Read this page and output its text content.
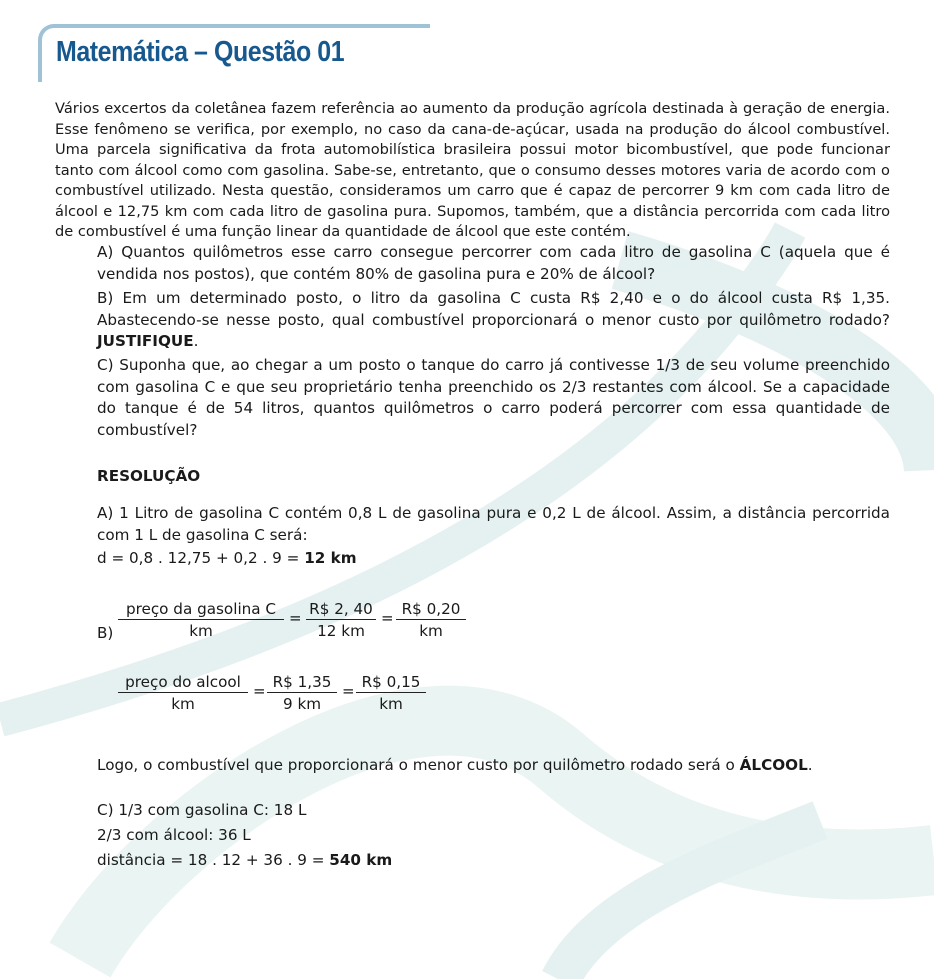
Matemática – Questão 01

Vários excertos da coletânea fazem referência ao aumento da produção agrícola destinada à geração de energia. Esse fenômeno se verifica, por exemplo, no caso da cana-de-açúcar, usada na produção do álcool combustível. Uma parcela significativa da frota automobilística brasileira possui motor bicombustível, que pode funcionar tanto com álcool como com gasolina. Sabe-se, entretanto, que o consumo desses motores varia de acordo com o combustível utilizado. Nesta questão, consideramos um carro que é capaz de percorrer 9 km com cada litro de álcool e 12,75 km com cada litro de gasolina pura. Supomos, também, que a distância percorrida com cada litro de combustível é uma função linear da quantidade de álcool que este contém.

A) Quantos quilômetros esse carro consegue percorrer com cada litro de gasolina C (aquela que é vendida nos postos), que contém 80% de gasolina pura e 20% de álcool?

B) Em um determinado posto, o litro da gasolina C custa R$ 2,40 e o do álcool custa R$ 1,35. Abastecendo-se nesse posto, qual combustível proporcionará o menor custo por quilômetro rodado? JUSTIFIQUE.

C) Suponha que, ao chegar a um posto o tanque do carro já contivesse 1/3 de seu volume preenchido com gasolina C e que seu proprietário tenha preenchido os 2/3 restantes com álcool. Se a capacidade do tanque é de 54 litros, quantos quilômetros o carro poderá percorrer com essa quantidade de combustível?

RESOLUÇÃO

A) 1 Litro de gasolina C contém 0,8 L de gasolina pura e 0,2 L de álcool. Assim, a distância percorrida com 1 L de gasolina C será:

d = 0,8 . 12,75 + 0,2 . 9 = 12 km

B)

preço da gasolina C
km
= R$ 2, 40
12 km
= R$ 0,20
km
preço do alcool
km
= R$ 1,35
9 km
= R$ 0,15
km

Logo, o combustível que proporcionará o menor custo por quilômetro rodado será o ÁLCOOL.

C) 1/3 com gasolina C: 18 L

2/3 com álcool: 36 L

distância = 18 . 12 + 36 . 9 = 540 km
